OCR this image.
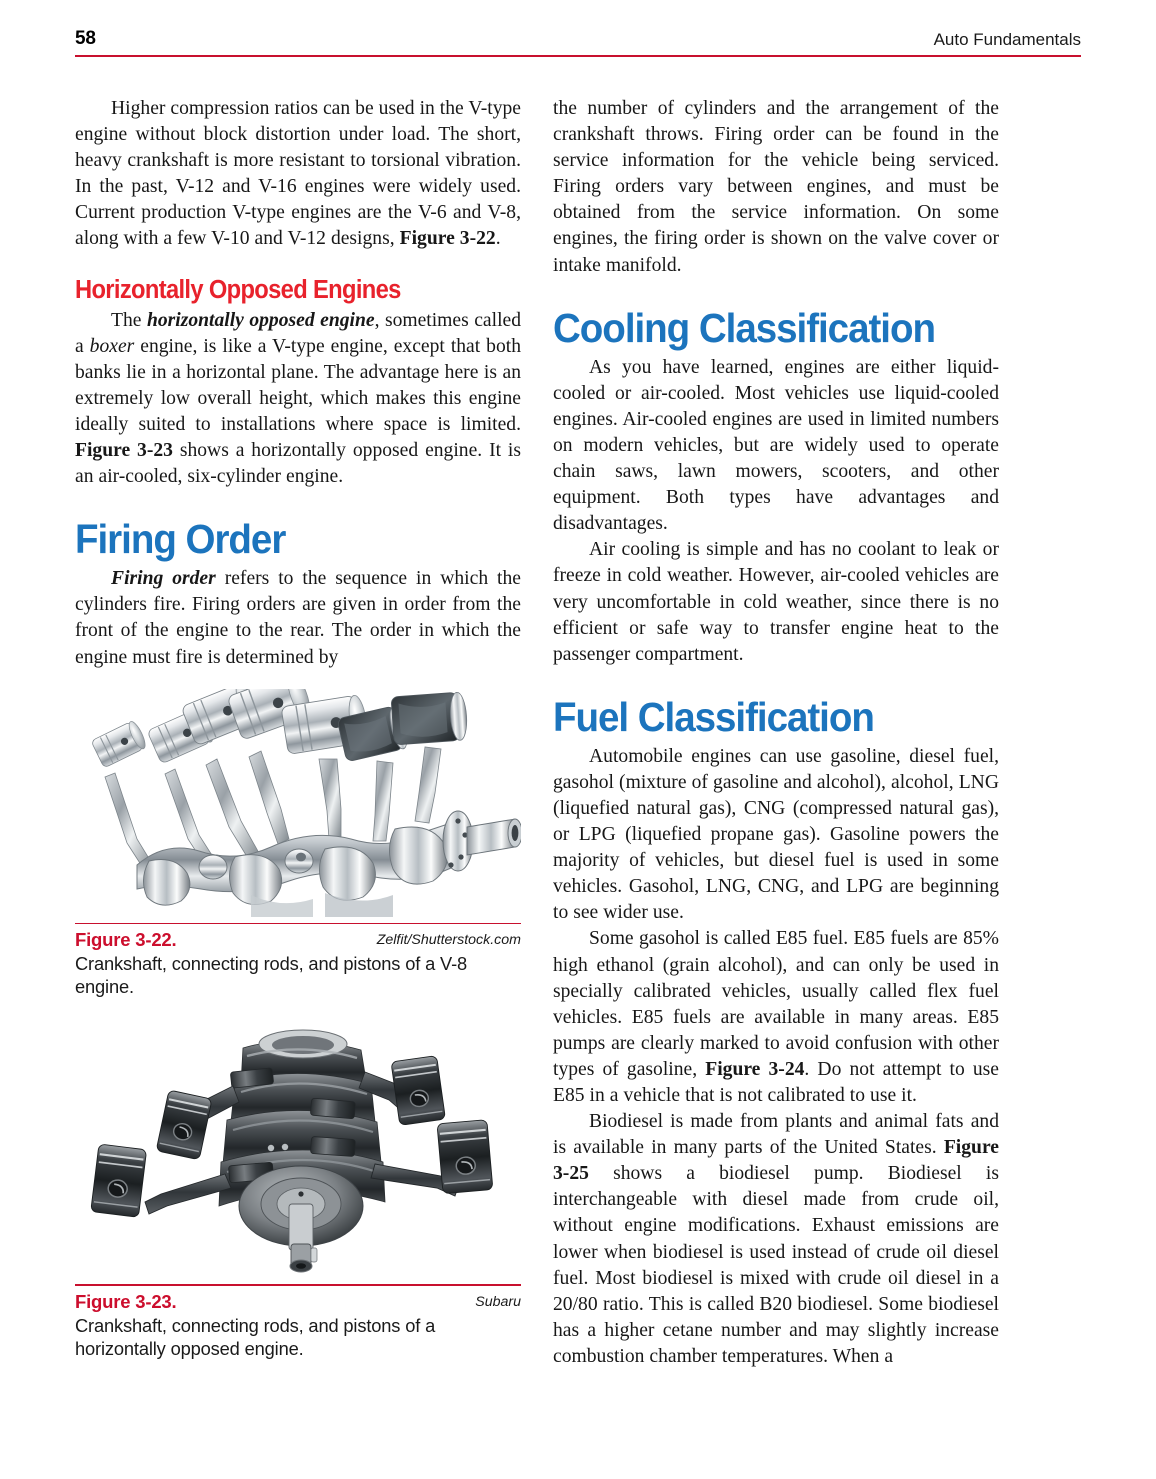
58	Auto Fundamentals

Higher compression ratios can be used in the V-type engine without block distortion under load. The short, heavy crankshaft is more resistant to torsional vibration. In the past, V-12 and V-16 engines were widely used. Current production V-type engines are the V-6 and V-8, along with a few V-10 and V-12 designs, Figure 3-22.

Horizontally Opposed Engines

The horizontally opposed engine, sometimes called a boxer engine, is like a V-type engine, except that both banks lie in a horizontal plane. The advantage here is an extremely low overall height, which makes this engine ideally suited to installations where space is limited. Figure 3-23 shows a horizontally opposed engine. It is an air-cooled, six-cylinder engine.

Firing Order

Firing order refers to the sequence in which the cylinders fire. Firing orders are given in order from the front of the engine to the rear. The order in which the engine must fire is determined by

Figure 3-22.	Zelfit/Shutterstock.com
Crankshaft, connecting rods, and pistons of a V-8 engine.
Figure 3-23.	Subaru
Crankshaft, connecting rods, and pistons of a horizontally opposed engine.

the number of cylinders and the arrangement of the crankshaft throws. Firing order can be found in the service information for the vehicle being serviced. Firing orders vary between engines, and must be obtained from the service information. On some engines, the firing order is shown on the valve cover or intake manifold.

Cooling Classification

As you have learned, engines are either liquid-cooled or air-cooled. Most vehicles use liquid-cooled engines. Air-cooled engines are used in limited numbers on modern vehicles, but are widely used to operate chain saws, lawn mowers, scooters, and other equipment. Both types have advantages and disadvantages.

Air cooling is simple and has no coolant to leak or freeze in cold weather. However, air-cooled vehicles are very uncomfortable in cold weather, since there is no efficient or safe way to transfer engine heat to the passenger compartment.

Fuel Classification

Automobile engines can use gasoline, diesel fuel, gasohol (mixture of gasoline and alcohol), alcohol, LNG (liquefied natural gas), CNG (compressed natural gas), or LPG (liquefied propane gas). Gasoline powers the majority of vehicles, but diesel fuel is used in some vehicles. Gasohol, LNG, CNG, and LPG are beginning to see wider use.

Some gasohol is called E85 fuel. E85 fuels are 85% high ethanol (grain alcohol), and can only be used in specially calibrated vehicles, usually called flex fuel vehicles. E85 fuels are available in many areas. E85 pumps are clearly marked to avoid confusion with other types of gasoline, Figure 3-24. Do not attempt to use E85 in a vehicle that is not calibrated to use it.

Biodiesel is made from plants and animal fats and is available in many parts of the United States. Figure 3-25 shows a biodiesel pump. Biodiesel is interchangeable with diesel made from crude oil, without engine modifications. Exhaust emissions are lower when biodiesel is used instead of crude oil diesel fuel. Most biodiesel is mixed with crude oil diesel in a 20/80 ratio. This is called B20 biodiesel. Some biodiesel has a higher cetane number and may slightly increase combustion chamber temperatures. When a
